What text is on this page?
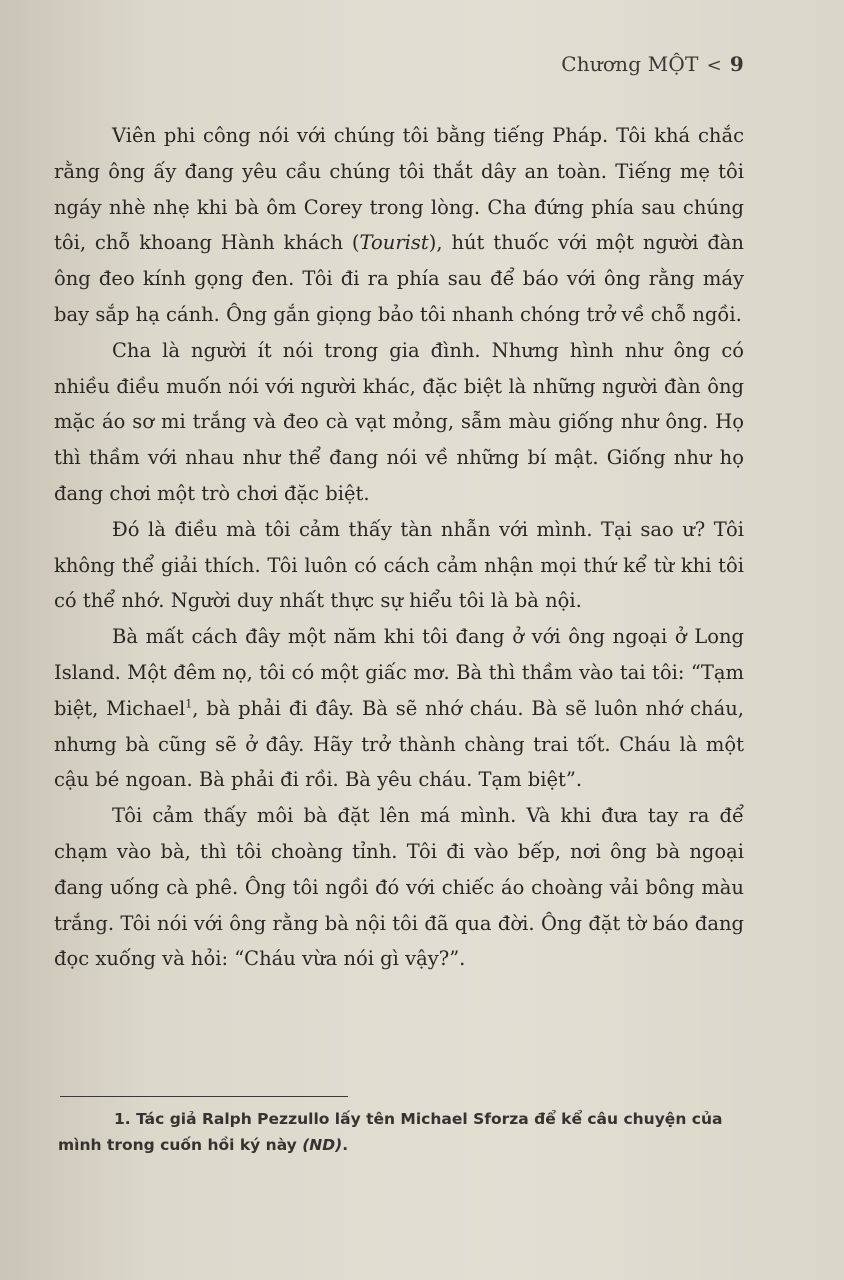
Chương MỘT < 9

Viên phi công nói với chúng tôi bằng tiếng Pháp. Tôi khá chắc rằng ông ấy đang yêu cầu chúng tôi thắt dây an toàn. Tiếng mẹ tôi ngáy nhè nhẹ khi bà ôm Corey trong lòng. Cha đứng phía sau chúng tôi, chỗ khoang Hành khách (Tourist), hút thuốc với một người đàn ông đeo kính gọng đen. Tôi đi ra phía sau để báo với ông rằng máy bay sắp hạ cánh. Ông gắn giọng bảo tôi nhanh chóng trở về chỗ ngồi.

Cha là người ít nói trong gia đình. Nhưng hình như ông có nhiều điều muốn nói với người khác, đặc biệt là những người đàn ông mặc áo sơ mi trắng và đeo cà vạt mỏng, sẫm màu giống như ông. Họ thì thầm với nhau như thể đang nói về những bí mật. Giống như họ đang chơi một trò chơi đặc biệt.

Đó là điều mà tôi cảm thấy tàn nhẫn với mình. Tại sao ư? Tôi không thể giải thích. Tôi luôn có cách cảm nhận mọi thứ kể từ khi tôi có thể nhớ. Người duy nhất thực sự hiểu tôi là bà nội.

Bà mất cách đây một năm khi tôi đang ở với ông ngoại ở Long Island. Một đêm nọ, tôi có một giấc mơ. Bà thì thầm vào tai tôi: “Tạm biệt, Michael$^1$, bà phải đi đây. Bà sẽ nhớ cháu. Bà sẽ luôn nhớ cháu, nhưng bà cũng sẽ ở đây. Hãy trở thành chàng trai tốt. Cháu là một cậu bé ngoan. Bà phải đi rồi. Bà yêu cháu. Tạm biệt”.

Tôi cảm thấy môi bà đặt lên má mình. Và khi đưa tay ra để chạm vào bà, thì tôi choàng tỉnh. Tôi đi vào bếp, nơi ông bà ngoại đang uống cà phê. Ông tôi ngồi đó với chiếc áo choàng vải bông màu trắng. Tôi nói với ông rằng bà nội tôi đã qua đời. Ông đặt tờ báo đang đọc xuống và hỏi: “Cháu vừa nói gì vậy?”.

1. Tác giả Ralph Pezzullo lấy tên Michael Sforza để kể câu chuyện của mình trong cuốn hồi ký này (ND).
